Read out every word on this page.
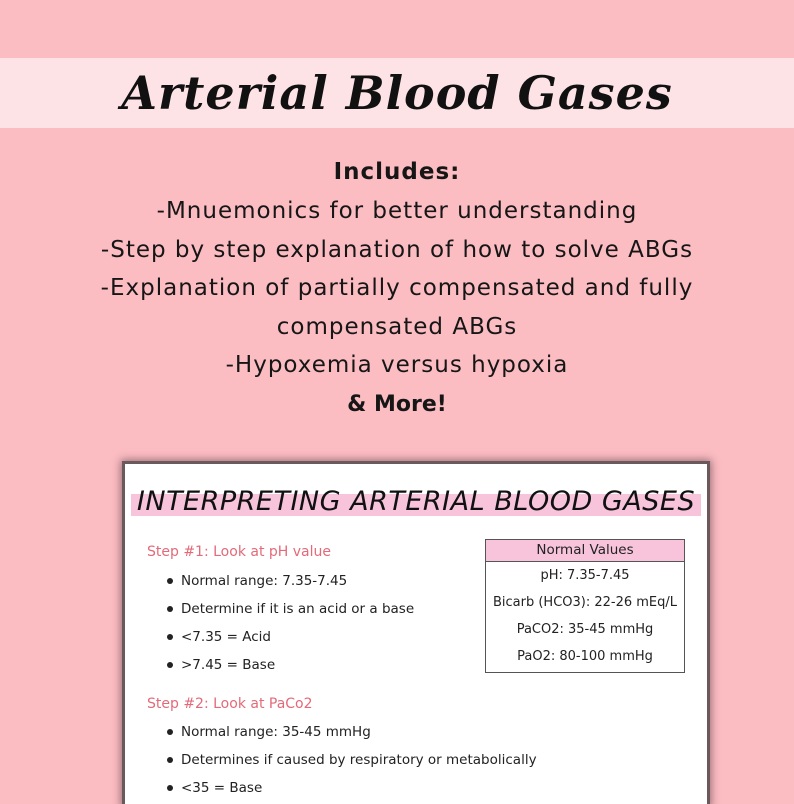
Arterial Blood Gases
Includes:
-Mnuemonics for better understanding
-Step by step explanation of how to solve ABGs
-Explanation of partially compensated and fully
compensated ABGs
-Hypoxemia versus hypoxia
& More!
INTERPRETING ARTERIAL BLOOD GASES
Step #1: Look at pH value
Normal range: 7.35-7.45
Determine if it is an acid or a base
<7.35 = Acid
>7.45 = Base
Step #2: Look at PaCo2
Normal range: 35-45 mmHg
Determines if caused by respiratory or metabolically
<35 = Base
Normal Values
pH: 7.35-7.45
Bicarb (HCO3): 22-26 mEq/L
PaCO2: 35-45 mmHg
PaO2: 80-100 mmHg
